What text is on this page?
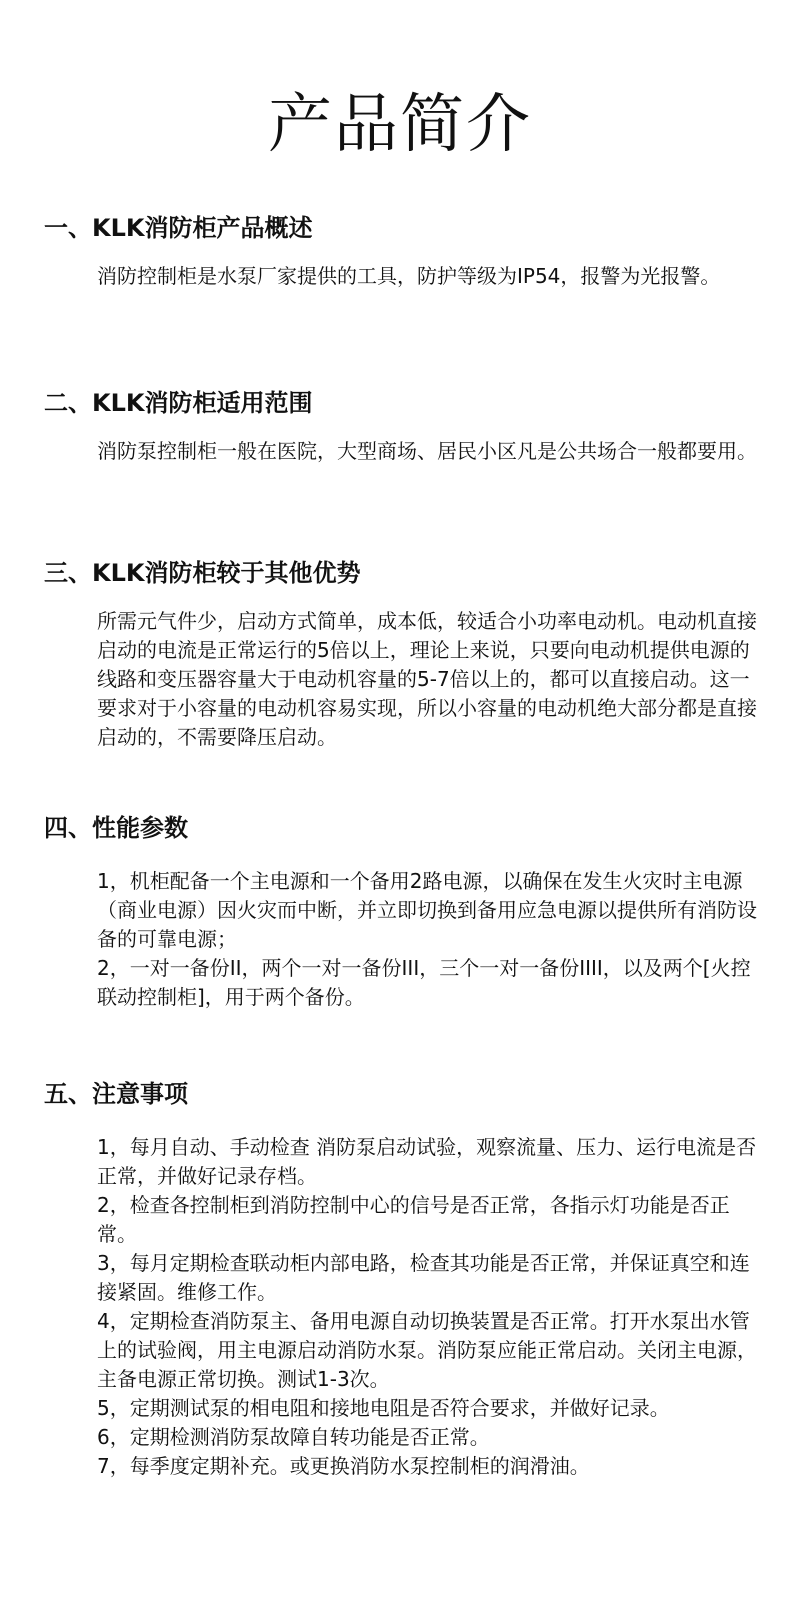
产品简介
一、KLK消防柜产品概述

消防控制柜是水泵厂家提供的工具，防护等级为IP54，报警为光报警。

二、KLK消防柜适用范围

消防泵控制柜一般在医院，大型商场、居民小区凡是公共场合一般都要用。

三、KLK消防柜较于其他优势

所需元气件少，启动方式简单，成本低，较适合小功率电动机。电动机直接启动的电流是正常运行的5倍以上，理论上来说，只要向电动机提供电源的线路和变压器容量大于电动机容量的5-7倍以上的，都可以直接启动。这一要求对于小容量的电动机容易实现，所以小容量的电动机绝大部分都是直接启动的，不需要降压启动。

四、性能参数

1，机柜配备一个主电源和一个备用2路电源，以确保在发生火灾时主电源（商业电源）因火灾而中断，并立即切换到备用应急电源以提供所有消防设备的可靠电源；

2，一对一备份II，两个一对一备份III，三个一对一备份IIII，以及两个[火控联动控制柜]，用于两个备份。

五、注意事项

1，每月自动、手动检查 消防泵启动试验，观察流量、压力、运行电流是否正常，并做好记录存档。

2，检查各控制柜到消防控制中心的信号是否正常，各指示灯功能是否正常。

3，每月定期检查联动柜内部电路，检查其功能是否正常，并保证真空和连接紧固。维修工作。

4，定期检查消防泵主、备用电源自动切换装置是否正常。打开水泵出水管上的试验阀，用主电源启动消防水泵。消防泵应能正常启动。关闭主电源，主备电源正常切换。测试1-3次。

5，定期测试泵的相电阻和接地电阻是否符合要求，并做好记录。

6，定期检测消防泵故障自转功能是否正常。

7，每季度定期补充。或更换消防水泵控制柜的润滑油。
